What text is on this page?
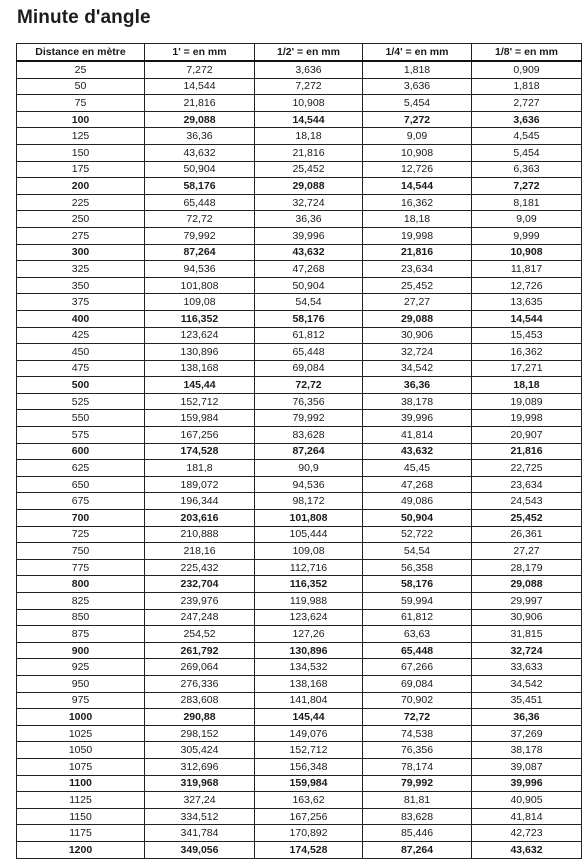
Minute d'angle
Distance en mètre	1' = en mm	1/2' = en mm	1/4' = en mm	1/8' = en mm
25	7,272	3,636	1,818	0,909
50	14,544	7,272	3,636	1,818
75	21,816	10,908	5,454	2,727
100	29,088	14,544	7,272	3,636
125	36,36	18,18	9,09	4,545
150	43,632	21,816	10,908	5,454
175	50,904	25,452	12,726	6,363
200	58,176	29,088	14,544	7,272
225	65,448	32,724	16,362	8,181
250	72,72	36,36	18,18	9,09
275	79,992	39,996	19,998	9,999
300	87,264	43,632	21,816	10,908
325	94,536	47,268	23,634	11,817
350	101,808	50,904	25,452	12,726
375	109,08	54,54	27,27	13,635
400	116,352	58,176	29,088	14,544
425	123,624	61,812	30,906	15,453
450	130,896	65,448	32,724	16,362
475	138,168	69,084	34,542	17,271
500	145,44	72,72	36,36	18,18
525	152,712	76,356	38,178	19,089
550	159,984	79,992	39,996	19,998
575	167,256	83,628	41,814	20,907
600	174,528	87,264	43,632	21,816
625	181,8	90,9	45,45	22,725
650	189,072	94,536	47,268	23,634
675	196,344	98,172	49,086	24,543
700	203,616	101,808	50,904	25,452
725	210,888	105,444	52,722	26,361
750	218,16	109,08	54,54	27,27
775	225,432	112,716	56,358	28,179
800	232,704	116,352	58,176	29,088
825	239,976	119,988	59,994	29,997
850	247,248	123,624	61,812	30,906
875	254,52	127,26	63,63	31,815
900	261,792	130,896	65,448	32,724
925	269,064	134,532	67,266	33,633
950	276,336	138,168	69,084	34,542
975	283,608	141,804	70,902	35,451
1000	290,88	145,44	72,72	36,36
1025	298,152	149,076	74,538	37,269
1050	305,424	152,712	76,356	38,178
1075	312,696	156,348	78,174	39,087
1100	319,968	159,984	79,992	39,996
1125	327,24	163,62	81,81	40,905
1150	334,512	167,256	83,628	41,814
1175	341,784	170,892	85,446	42,723
1200	349,056	174,528	87,264	43,632
